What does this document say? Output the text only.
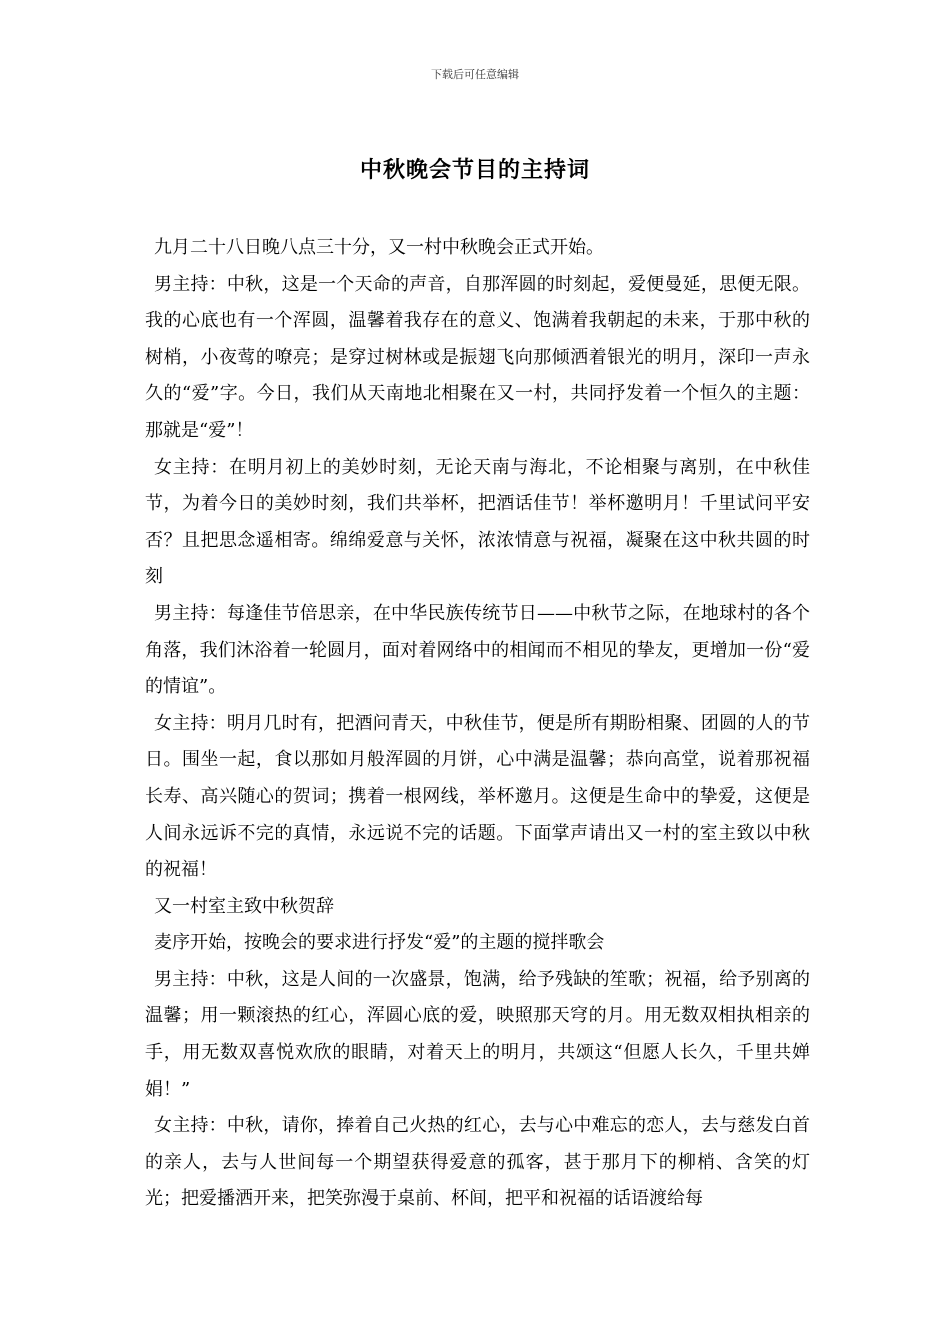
下载后可任意编辑
中秋晚会节目的主持词

九月二十八日晚八点三十分，又一村中秋晚会正式开始。

男主持：中秋，这是一个天命的声音，自那浑圆的时刻起，爱便曼延，思便无限。我的心底也有一个浑圆，温馨着我存在的意义、饱满着我朝起的未来，于那中秋的树梢，小夜莺的嘹亮；是穿过树林或是振翅飞向那倾洒着银光的明月，深印一声永久的“爱”字。今日，我们从天南地北相聚在又一村，共同抒发着一个恒久的主题：那就是“爱”！

女主持：在明月初上的美妙时刻，无论天南与海北，不论相聚与离别，在中秋佳节，为着今日的美妙时刻，我们共举杯，把酒话佳节！举杯邀明月！千里试问平安否？且把思念遥相寄。绵绵爱意与关怀，浓浓情意与祝福，凝聚在这中秋共圆的时刻

男主持：每逢佳节倍思亲，在中华民族传统节日——中秋节之际，在地球村的各个角落，我们沐浴着一轮圆月，面对着网络中的相闻而不相见的挚友，更增加一份“爱的情谊”。

女主持：明月几时有，把酒问青天，中秋佳节，便是所有期盼相聚、团圆的人的节日。围坐一起，食以那如月般浑圆的月饼，心中满是温馨；恭向高堂，说着那祝福长寿、高兴随心的贺词；携着一根网线，举杯邀月。这便是生命中的挚爱，这便是人间永远诉不完的真情，永远说不完的话题。下面掌声请出又一村的室主致以中秋的祝福！

又一村室主致中秋贺辞

麦序开始，按晚会的要求进行抒发“爱”的主题的搅拌歌会

男主持：中秋，这是人间的一次盛景，饱满，给予残缺的笙歌；祝福，给予别离的温馨；用一颗滚热的红心，浑圆心底的爱，映照那天穹的月。用无数双相执相亲的手，用无数双喜悦欢欣的眼睛，对着天上的明月，共颂这“但愿人长久，千里共婵娟！”

女主持：中秋，请你，捧着自己火热的红心，去与心中难忘的恋人，去与慈发白首的亲人，去与人世间每一个期望获得爱意的孤客，甚于那月下的柳梢、含笑的灯光；把爱播洒开来，把笑弥漫于桌前、杯间，把平和祝福的话语渡给每
